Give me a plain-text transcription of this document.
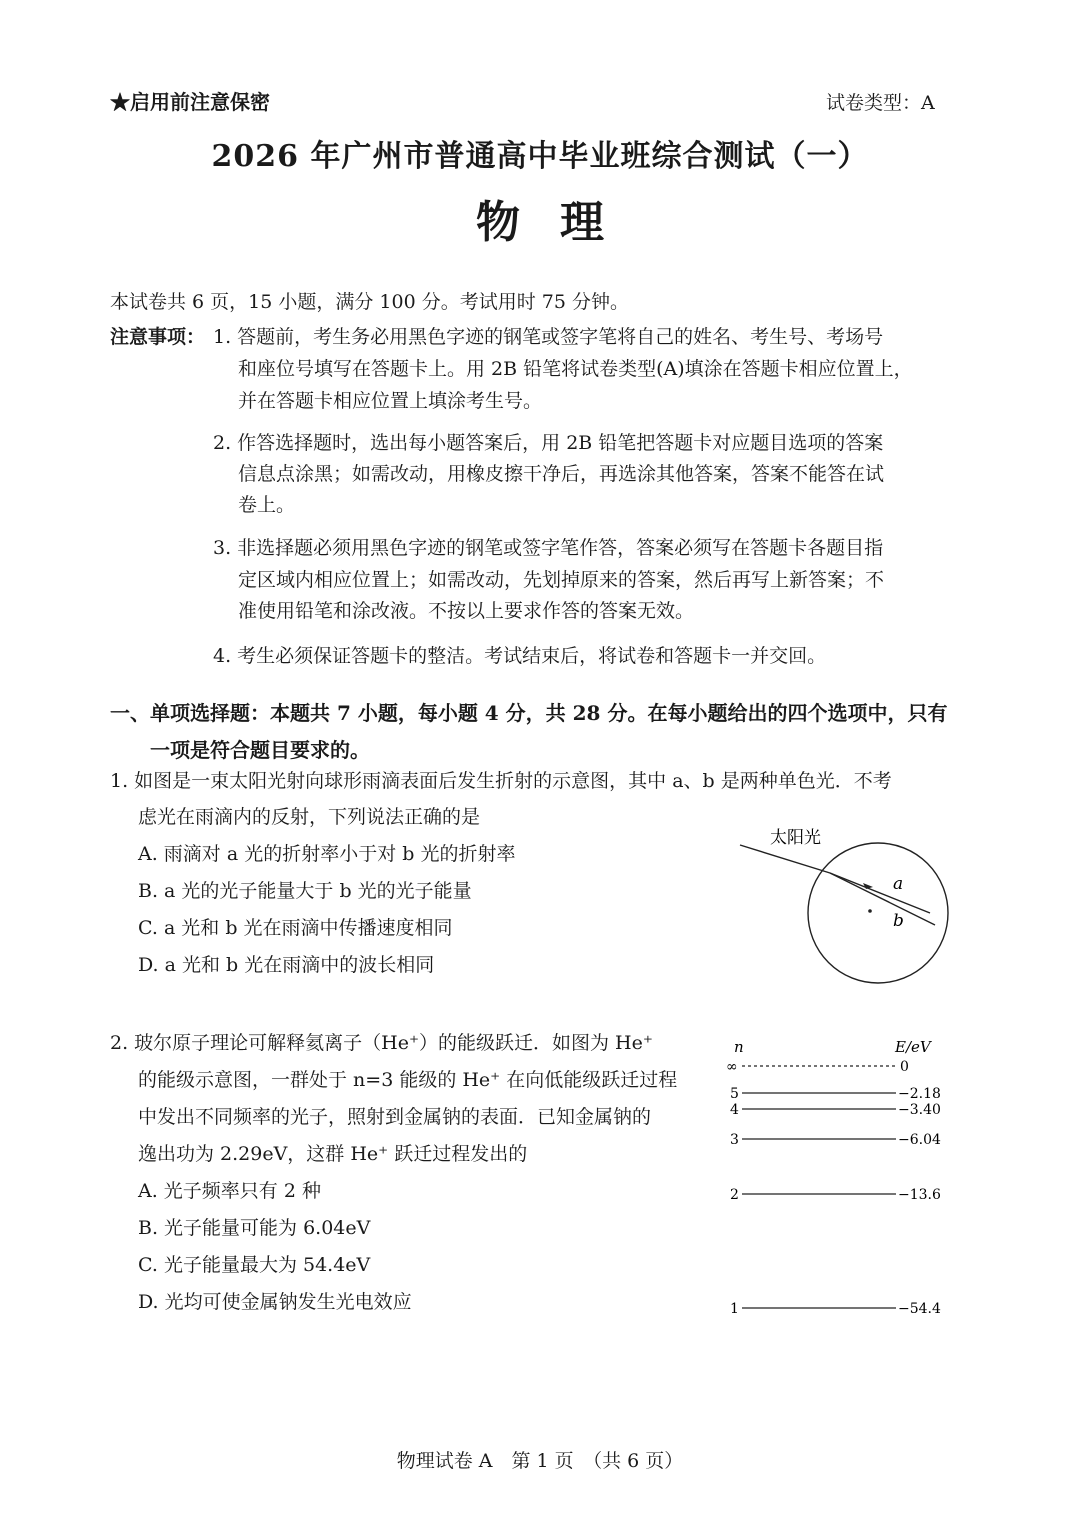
★启用前注意保密	试卷类型：A
2026 年广州市普通高中毕业班综合测试（一）
物理
本试卷共 6 页，15 小题，满分 100 分。考试用时 75 分钟。
注意事项： 1. 答题前，考生务必用黑色字迹的钢笔或签字笔将自己的姓名、考生号、考场号
和座位号填写在答题卡上。用 2B 铅笔将试卷类型(A)填涂在答题卡相应位置上，
并在答题卡相应位置上填涂考生号。
2. 作答选择题时，选出每小题答案后，用 2B 铅笔把答题卡对应题目选项的答案
信息点涂黑；如需改动，用橡皮擦干净后，再选涂其他答案，答案不能答在试
卷上。
3. 非选择题必须用黑色字迹的钢笔或签字笔作答，答案必须写在答题卡各题目指
定区域内相应位置上；如需改动，先划掉原来的答案，然后再写上新答案；不
准使用铅笔和涂改液。不按以上要求作答的答案无效。
4. 考生必须保证答题卡的整洁。考试结束后，将试卷和答题卡一并交回。
一、单项选择题：本题共 7 小题，每小题 4 分，共 28 分。在每小题给出的四个选项中，只有
一项是符合题目要求的。
1. 如图是一束太阳光射向球形雨滴表面后发生折射的示意图，其中 a、b 是两种单色光．不考
虑光在雨滴内的反射，下列说法正确的是
A. 雨滴对 a 光的折射率小于对 b 光的折射率
B. a 光的光子能量大于 b 光的光子能量
C. a 光和 b 光在雨滴中传播速度相同
D. a 光和 b 光在雨滴中的波长相同
太阳光
a
b
2. 玻尔原子理论可解释氦离子（He⁺）的能级跃迁．如图为 He⁺
的能级示意图，一群处于 n=3 能级的 He⁺ 在向低能级跃迁过程
中发出不同频率的光子，照射到金属钠的表面．已知金属钠的
逸出功为 2.29eV，这群 He⁺ 跃迁过程发出的
A. 光子频率只有 2 种
B. 光子能量可能为 6.04eV
C. 光子能量最大为 54.4eV
D. 光均可使金属钠发生光电效应
n	E/eV
∞	0
5	−2.18
4	−3.40
3	−6.04
2	−13.6
1	−54.4
物理试卷 A　第 1 页　（共 6 页）
